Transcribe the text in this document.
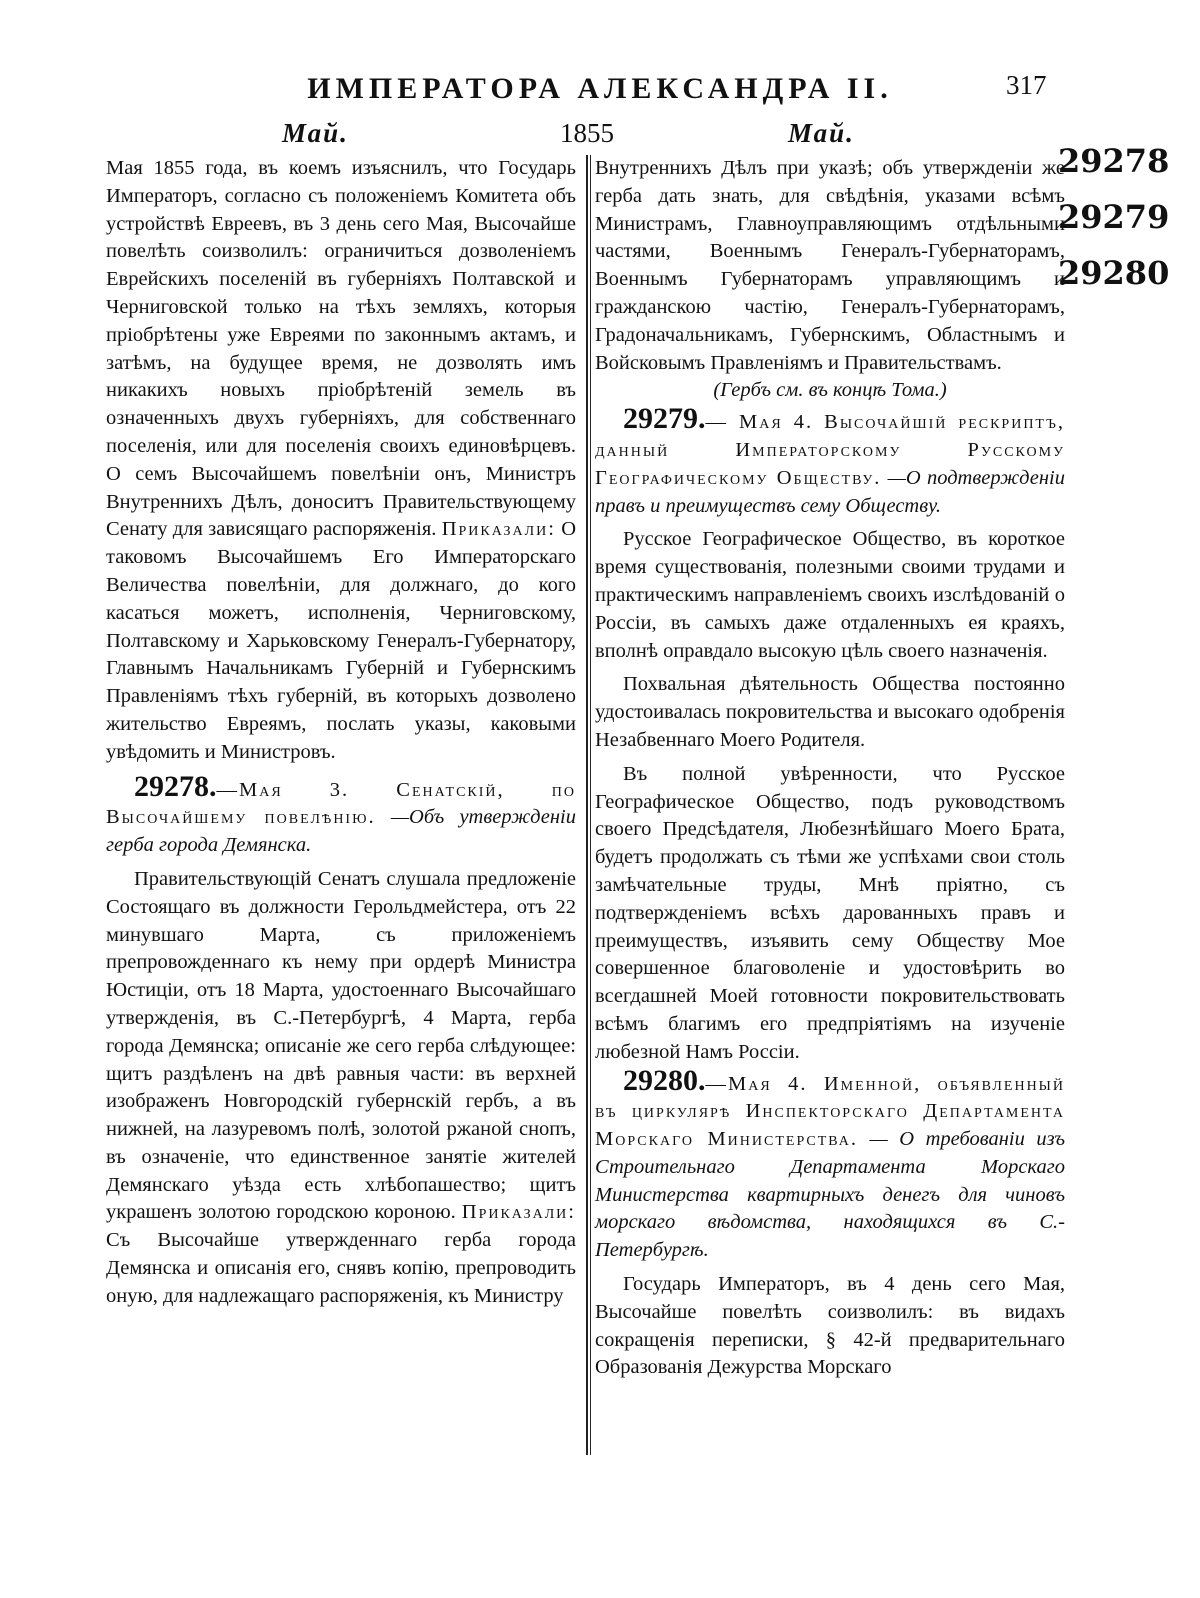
ИМПЕРАТОРА АЛЕКСАНДРА II.	317
Май.	1855	Май.
29278
29279
29280

Мая 1855 года, въ коемъ изъяснилъ, что Государь Императоръ, согласно съ положеніемъ Комитета объ устройствѣ Евреевъ, въ 3 день сего Мая, Высочайше повелѣть соизволилъ: ограничиться дозволеніемъ Еврейскихъ поселеній въ губерніяхъ Полтавской и Черниговской только на тѣхъ земляхъ, которыя пріобрѣтены уже Евреями по законнымъ актамъ, и затѣмъ, на будущее время, не дозволять имъ никакихъ новыхъ пріобрѣтеній земель въ означенныхъ двухъ губерніяхъ, для собственнаго поселенія, или для поселенія своихъ единовѣрцевъ. О семъ Высочайшемъ повелѣніи онъ, Министръ Внутреннихъ Дѣлъ, доноситъ Правительствующему Сенату для зависящаго распоряженія. Приказали: О таковомъ Высочайшемъ Его Императорскаго Величества повелѣніи, для должнаго, до кого касаться можетъ, исполненія, Черниговскому, Полтавскому и Харьковскому Генералъ-Губернатору, Главнымъ Начальникамъ Губерній и Губернскимъ Правленіямъ тѣхъ губерній, въ которыхъ дозволено жительство Евреямъ, послать указы, каковыми увѣдомить и Министровъ.

29278.—Мая 3. Сенатскій, по Высочайшему повелѣнію. —Объ утвержденіи герба города Демянска.

Правительствующій Сенатъ слушала предложеніе Состоящаго въ должности Герольдмейстера, отъ 22 минувшаго Марта, съ приложеніемъ препровожденнаго къ нему при ордерѣ Министра Юстиціи, отъ 18 Марта, удостоеннаго Высочайшаго утвержденія, въ С.-Петербургѣ, 4 Марта, герба города Демянска; описаніе же сего герба слѣдующее: щитъ раздѣленъ на двѣ равныя части: въ верхней изображенъ Новгородскій губернскій гербъ, а въ нижней, на лазуревомъ полѣ, золотой ржаной снопъ, въ означеніе, что единственное занятіе жителей Демянскаго уѣзда есть хлѣбопашество; щитъ украшенъ золотою городскою короною. Приказали: Съ Высочайше утвержденнаго герба города Демянска и описанія его, снявъ копію, препроводить оную, для надлежащаго распоряженія, къ Министру

Внутреннихъ Дѣлъ при указѣ; объ утвержденіи же герба дать знать, для свѣдѣнія, указами всѣмъ Министрамъ, Главноуправляющимъ отдѣльными частями, Военнымъ Генералъ-Губернаторамъ, Военнымъ Губернаторамъ управляющимъ и гражданскою частію, Генералъ-Губернаторамъ, Градоначальникамъ, Губернскимъ, Областнымъ и Войсковымъ Правленіямъ и Правительствамъ.

(Гербъ см. въ концѣ Тома.)

29279.— Мая 4. Высочайшій рескриптъ, данный Императорскому Русскому Географическому Обществу. —О подтвержденіи правъ и преимуществъ сему Обществу.

Русское Географическое Общество, въ короткое время существованія, полезными своими трудами и практическимъ направленіемъ своихъ изслѣдованій о Россіи, въ самыхъ даже отдаленныхъ ея краяхъ, вполнѣ оправдало высокую цѣль своего назначенія.

Похвальная дѣятельность Общества постоянно удостоивалась покровительства и высокаго одобренія Незабвеннаго Моего Родителя.

Въ полной увѣренности, что Русское Географическое Общество, подъ руководствомъ своего Предсѣдателя, Любезнѣйшаго Моего Брата, будетъ продолжать съ тѣми же успѣхами свои столь замѣчательные труды, Мнѣ пріятно, съ подтвержденіемъ всѣхъ дарованныхъ правъ и преимуществъ, изъявить сему Обществу Мое совершенное благоволеніе и удостовѣрить во всегдашней Моей готовности покровительствовать всѣмъ благимъ его предпріятіямъ на изученіе любезной Намъ Россіи.

29280.—Мая 4. Именной, объявленный въ циркулярѣ Инспекторскаго Департамента Морскаго Министерства. — О требованіи изъ Строительнаго Департамента Морскаго Министерства квартирныхъ денегъ для чиновъ морскаго вѣдомства, находящихся въ С.-Петербургѣ.

Государь Императоръ, въ 4 день сего Мая, Высочайше повелѣть соизволилъ: въ видахъ сокращенія переписки, § 42-й предварительнаго Образованія Дежурства Морскаго
